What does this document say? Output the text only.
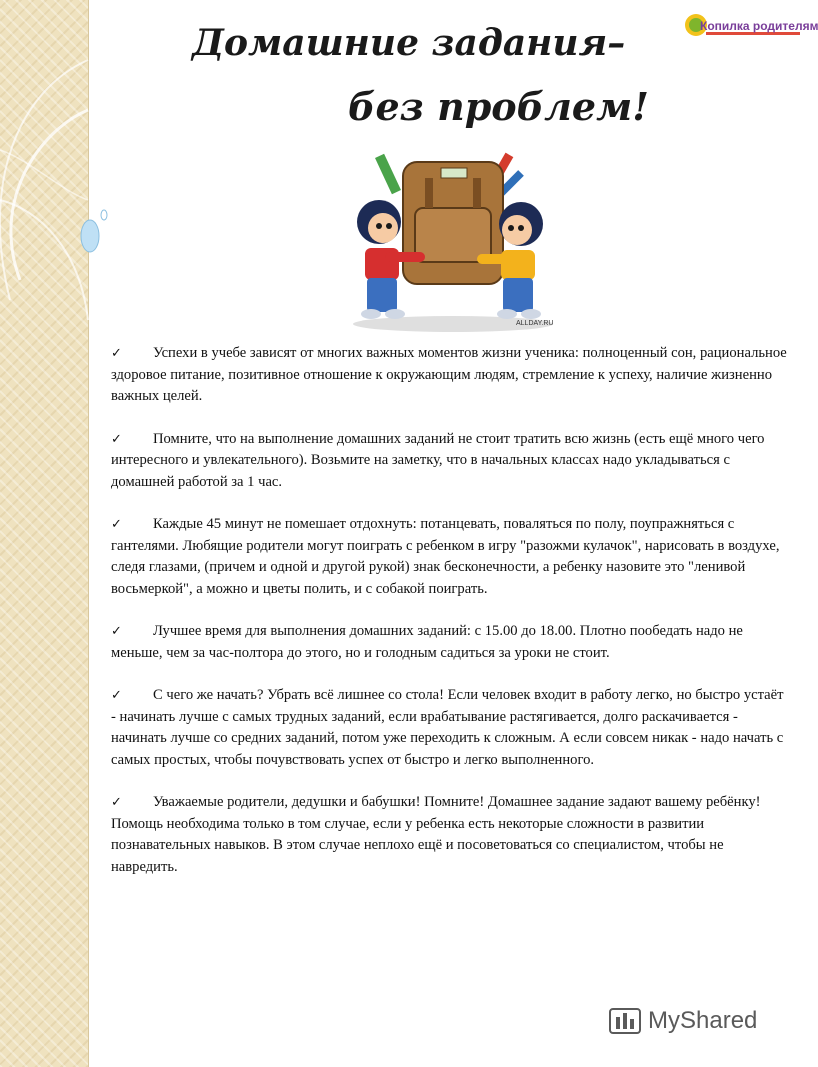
Копилка родителям
Домашние задания–
без проблем!
ALLDAY.RU

✓ Успехи в учебе зависят от многих важных моментов жизни ученика: полноценный сон, рациональное здоровое питание, позитивное отношение к окружающим людям, стремление к успеху, наличие жизненно важных целей.

✓ Помните, что на выполнение домашних заданий не стоит тратить всю жизнь (есть ещё много чего интересного и увлекательного). Возьмите на заметку, что в начальных классах надо укладываться с домашней работой за 1 час.

✓ Каждые 45 минут не помешает отдохнуть: потанцевать, поваляться по полу, поупражняться с гантелями. Любящие родители могут поиграть с ребенком в игру "разожми кулачок", нарисовать в воздухе, следя глазами, (причем и одной и другой рукой) знак бесконечности, а ребенку назовите это "ленивой восьмеркой", а можно и цветы полить, и с собакой поиграть.

✓ Лучшее время для выполнения домашних заданий: с 15.00 до 18.00. Плотно пообедать надо не меньше, чем за час-полтора до этого, но и голодным садиться за уроки не стоит.

✓ С чего же начать? Убрать всё лишнее со стола! Если человек входит в работу легко, но быстро устаёт - начинать лучше с самых трудных заданий, если врабатывание растягивается, долго раскачивается - начинать лучше со средних заданий, потом уже переходить к сложным. А если совсем никак - надо начать с самых простых, чтобы почувствовать успех от быстро и легко выполненного.

✓ Уважаемые родители, дедушки и бабушки! Помните! Домашнее задание задают вашему ребёнку! Помощь необходима только в том случае, если у ребенка есть некоторые сложности в развитии познавательных навыков. В этом случае неплохо ещё и посоветоваться со специалистом, чтобы не навредить.

MyShared
